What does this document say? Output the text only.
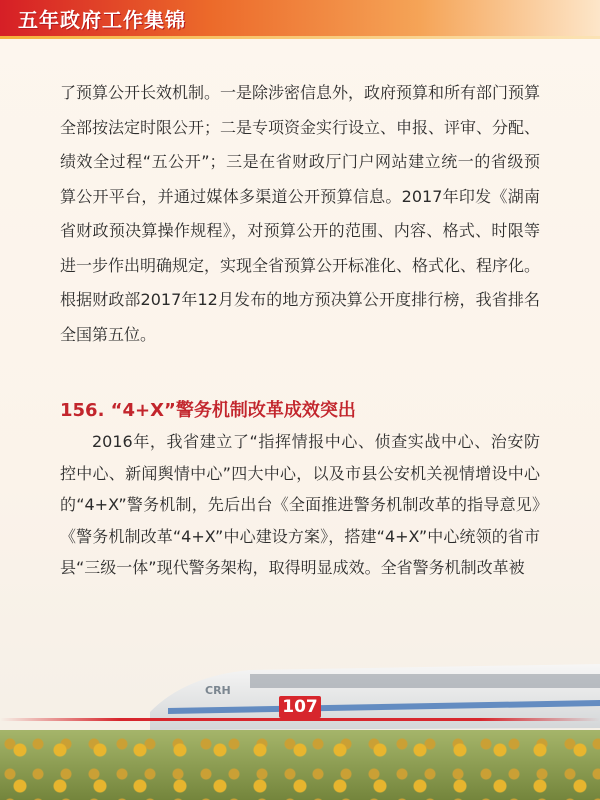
五年政府工作集锦

了预算公开长效机制。一是除涉密信息外，政府预算和所有部门预算全部按法定时限公开；二是专项资金实行设立、申报、评审、分配、绩效全过程“五公开”；三是在省财政厅门户网站建立统一的省级预算公开平台，并通过媒体多渠道公开预算信息。2017年印发《湖南省财政预决算操作规程》，对预算公开的范围、内容、格式、时限等进一步作出明确规定，实现全省预算公开标准化、格式化、程序化。根据财政部2017年12月发布的地方预决算公开度排行榜，我省排名全国第五位。

156. “4+X”警务机制改革成效突出

2016年，我省建立了“指挥情报中心、侦查实战中心、治安防控中心、新闻舆情中心”四大中心，以及市县公安机关视情增设中心的“4+X”警务机制，先后出台《全面推进警务机制改革的指导意见》《警务机制改革“4+X”中心建设方案》，搭建“4+X”中心统领的省市县“三级一体”现代警务架构，取得明显成效。全省警务机制改革被

CRH
107
